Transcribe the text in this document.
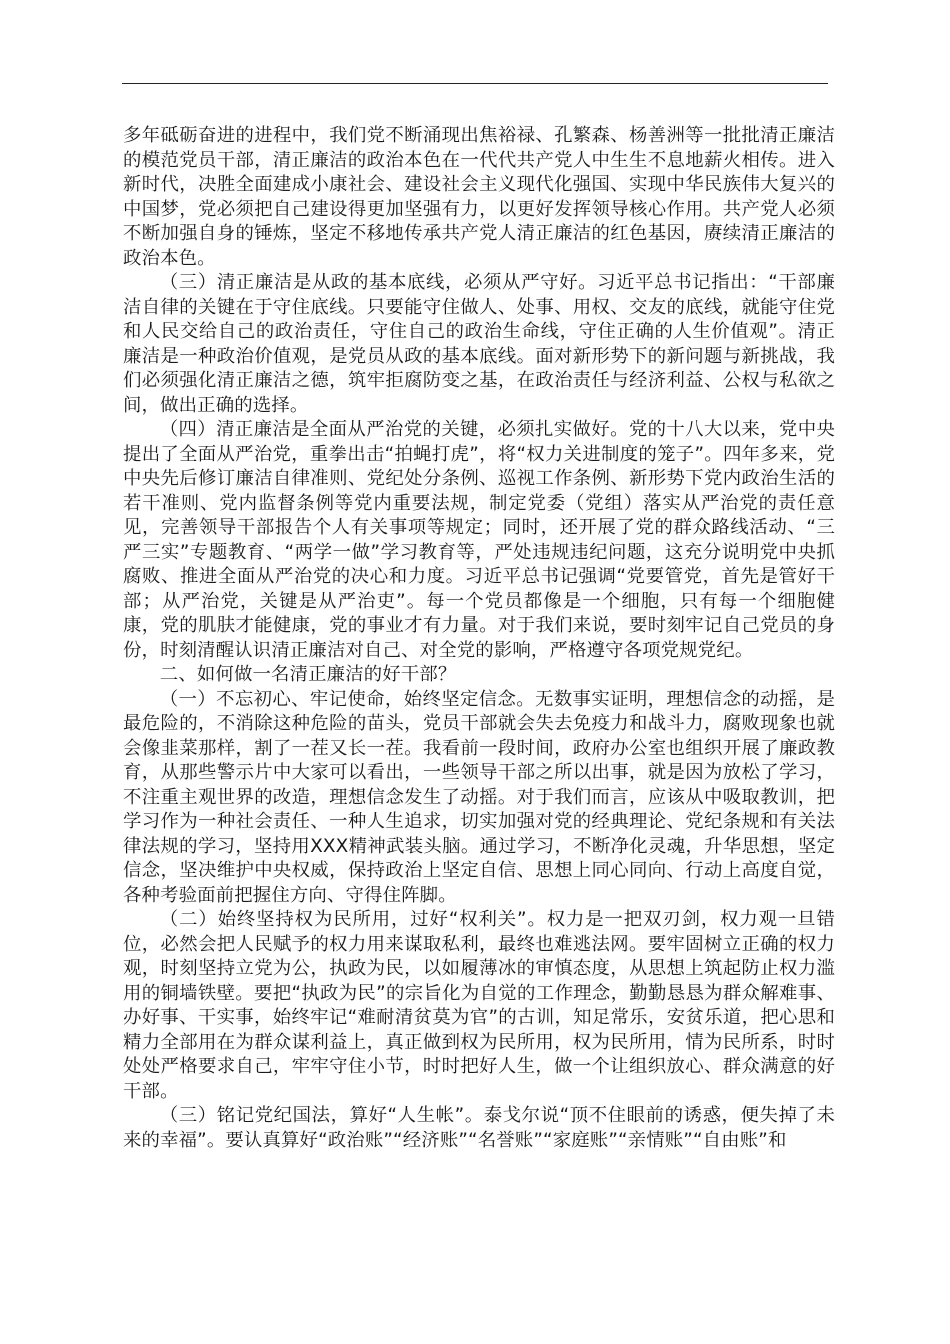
多年砥砺奋进的进程中，我们党不断涌现出焦裕禄、孔繁森、杨善洲等一批批清正廉洁的模范党员干部，清正廉洁的政治本色在一代代共产党人中生生不息地薪火相传。进入新时代，决胜全面建成小康社会、建设社会主义现代化强国、实现中华民族伟大复兴的中国梦，党必须把自己建设得更加坚强有力，以更好发挥领导核心作用。共产党人必须不断加强自身的锤炼，坚定不移地传承共产党人清正廉洁的红色基因，赓续清正廉洁的政治本色。

（三）清正廉洁是从政的基本底线，必须从严守好。习近平总书记指出：“干部廉洁自律的关键在于守住底线。只要能守住做人、处事、用权、交友的底线，就能守住党和人民交给自己的政治责任，守住自己的政治生命线，守住正确的人生价值观”。清正廉洁是一种政治价值观，是党员从政的基本底线。面对新形势下的新问题与新挑战，我们必须强化清正廉洁之德，筑牢拒腐防变之基，在政治责任与经济利益、公权与私欲之间，做出正确的选择。

（四）清正廉洁是全面从严治党的关键，必须扎实做好。党的十八大以来，党中央提出了全面从严治党，重拳出击“拍蝇打虎”，将“权力关进制度的笼子”。四年多来，党中央先后修订廉洁自律准则、党纪处分条例、巡视工作条例、新形势下党内政治生活的若干准则、党内监督条例等党内重要法规，制定党委（党组）落实从严治党的责任意见，完善领导干部报告个人有关事项等规定；同时，还开展了党的群众路线活动、“三严三实”专题教育、“两学一做”学习教育等，严处违规违纪问题，这充分说明党中央抓腐败、推进全面从严治党的决心和力度。习近平总书记强调“党要管党，首先是管好干部；从严治党，关键是从严治吏”。每一个党员都像是一个细胞，只有每一个细胞健康，党的肌肤才能健康，党的事业才有力量。对于我们来说，要时刻牢记自己党员的身份，时刻清醒认识清正廉洁对自己、对全党的影响，严格遵守各项党规党纪。

二、如何做一名清正廉洁的好干部？

（一）不忘初心、牢记使命，始终坚定信念。无数事实证明，理想信念的动摇，是最危险的，不消除这种危险的苗头，党员干部就会失去免疫力和战斗力，腐败现象也就会像韭菜那样，割了一茬又长一茬。我看前一段时间，政府办公室也组织开展了廉政教育，从那些警示片中大家可以看出，一些领导干部之所以出事，就是因为放松了学习，不注重主观世界的改造，理想信念发生了动摇。对于我们而言，应该从中吸取教训，把学习作为一种社会责任、一种人生追求，切实加强对党的经典理论、党纪条规和有关法律法规的学习，坚持用XXX精神武装头脑。通过学习，不断净化灵魂，升华思想，坚定信念，坚决维护中央权威，保持政治上坚定自信、思想上同心同向、行动上高度自觉，各种考验面前把握住方向、守得住阵脚。

（二）始终坚持权为民所用，过好“权利关”。权力是一把双刃剑，权力观一旦错位，必然会把人民赋予的权力用来谋取私利，最终也难逃法网。要牢固树立正确的权力观，时刻坚持立党为公，执政为民，以如履薄冰的审慎态度，从思想上筑起防止权力滥用的铜墙铁壁。要把“执政为民”的宗旨化为自觉的工作理念，勤勤恳恳为群众解难事、办好事、干实事，始终牢记“难耐清贫莫为官”的古训，知足常乐，安贫乐道，把心思和精力全部用在为群众谋利益上，真正做到权为民所用，权为民所用，情为民所系，时时处处严格要求自己，牢牢守住小节，时时把好人生，做一个让组织放心、群众满意的好干部。

（三）铭记党纪国法，算好“人生帐”。泰戈尔说“顶不住眼前的诱惑，便失掉了未来的幸福”。要认真算好“政治账”“经济账”“名誉账”“家庭账”“亲情账”“自由账”和
